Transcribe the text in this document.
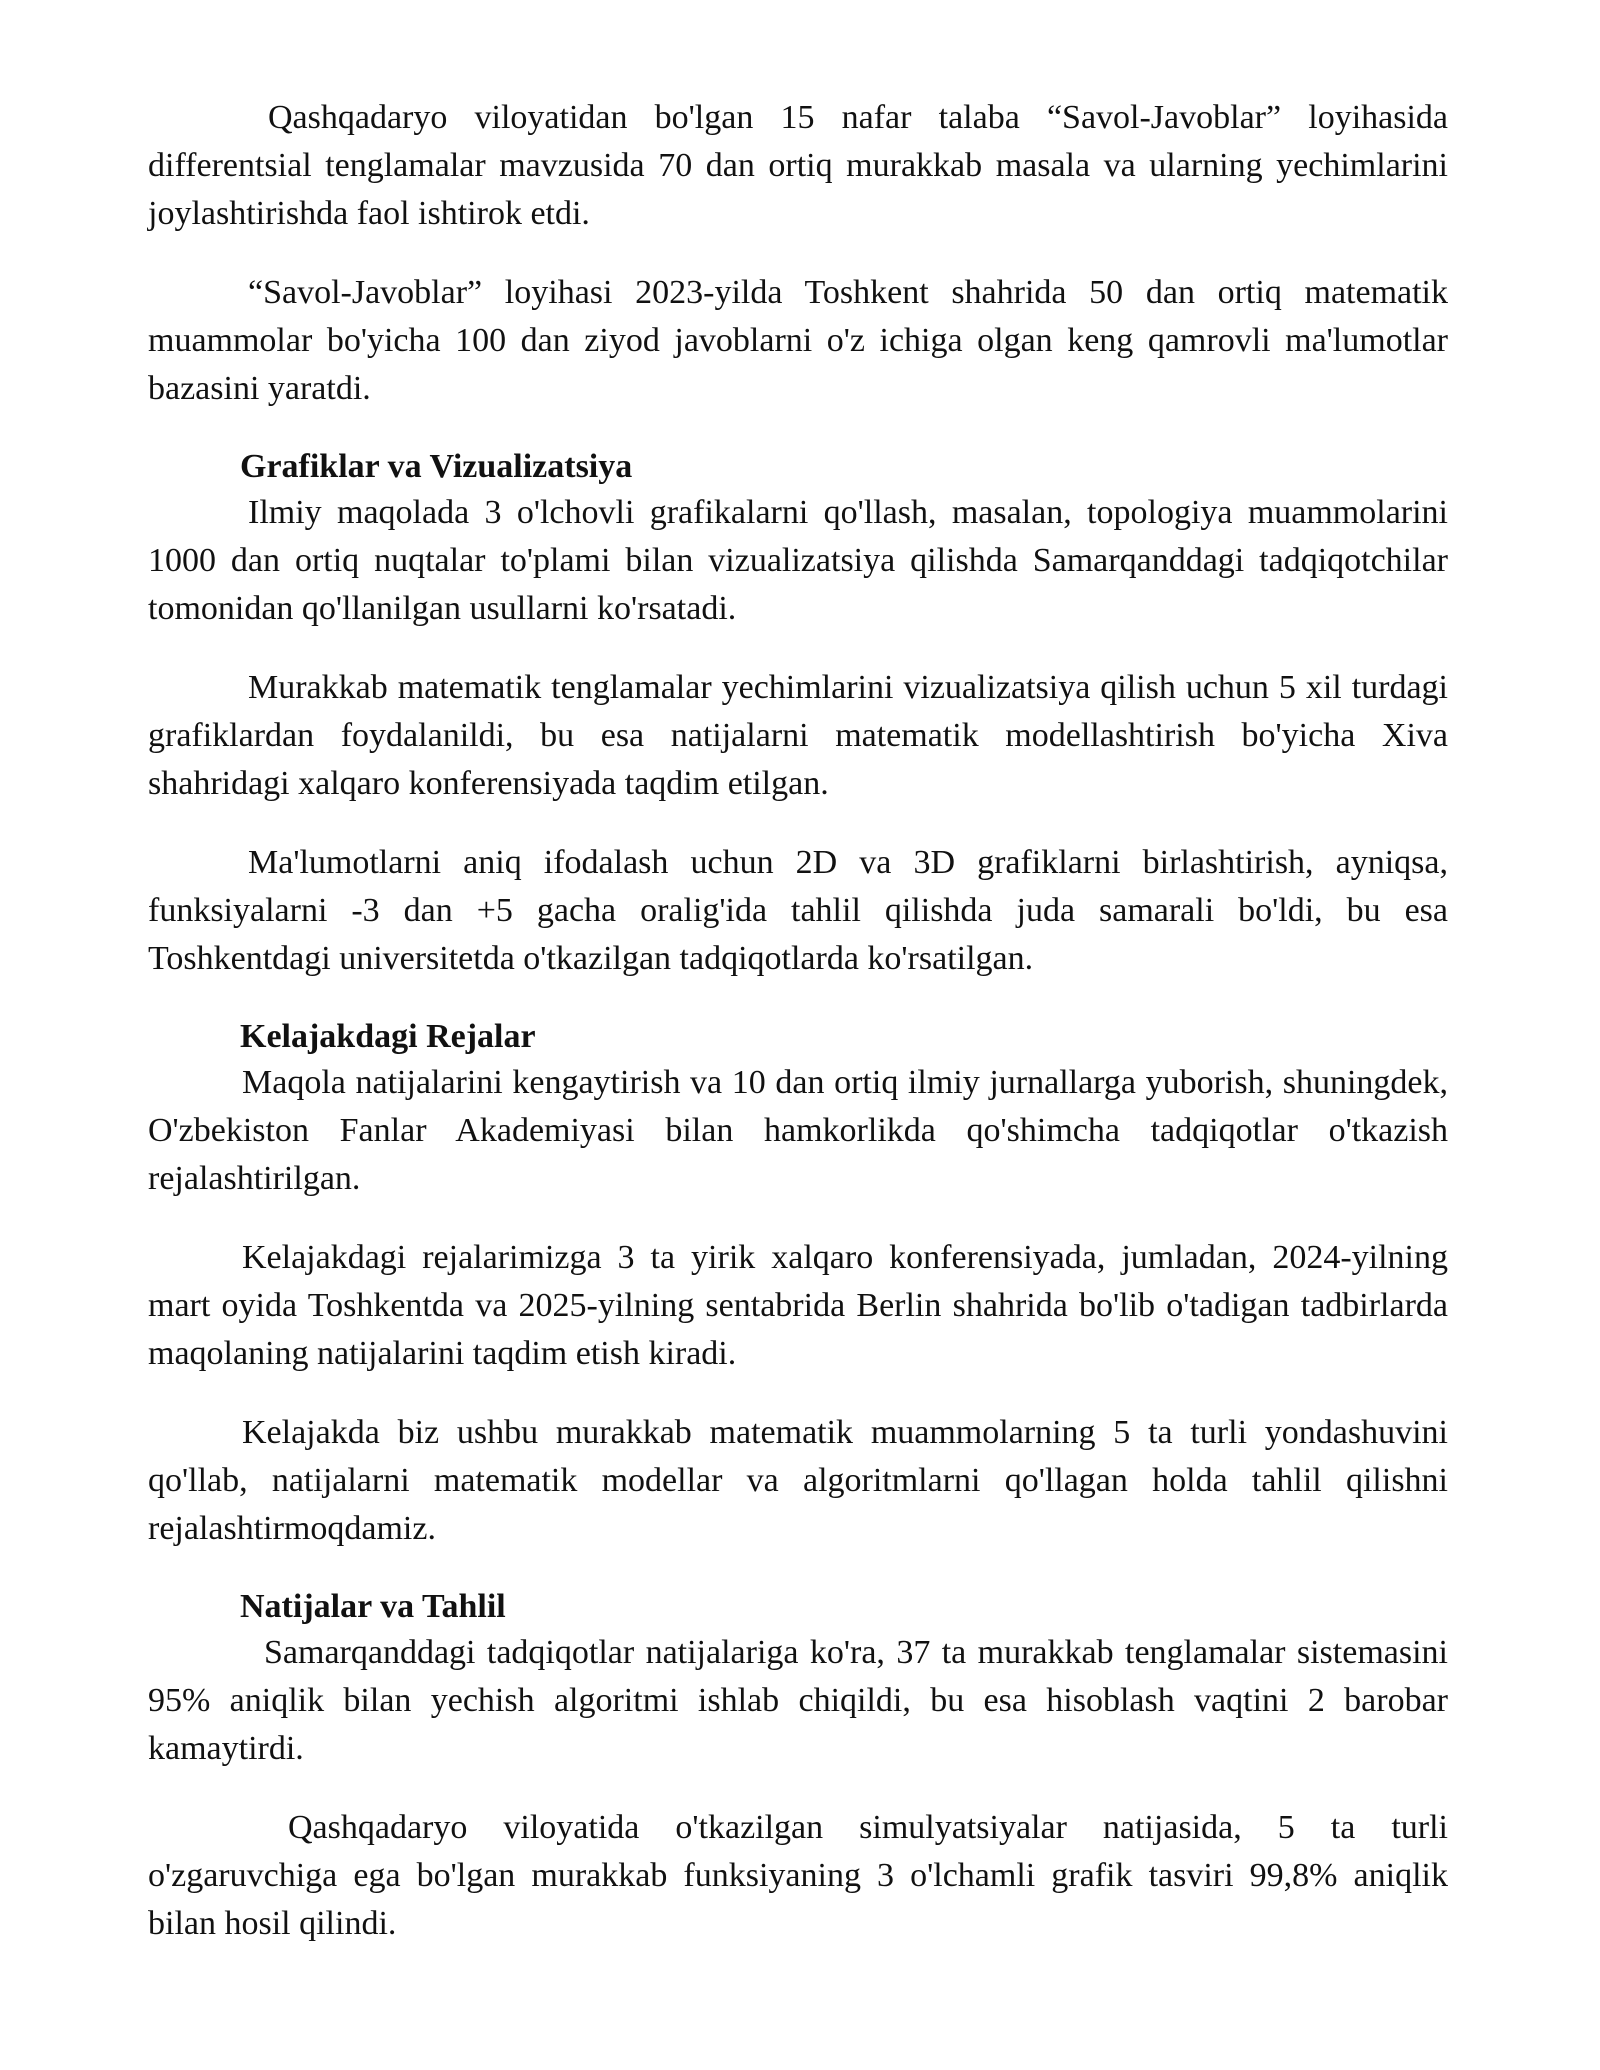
Qashqadaryo viloyatidan bo'lgan 15 nafar talaba “Savol-Javoblar” loyihasida differentsial tenglamalar mavzusida 70 dan ortiq murakkab masala va ularning yechimlarini joylashtirishda faol ishtirok etdi.

“Savol-Javoblar” loyihasi 2023-yilda Toshkent shahrida 50 dan ortiq matematik muammolar bo'yicha 100 dan ziyod javoblarni o'z ichiga olgan keng qamrovli ma'lumotlar bazasini yaratdi.

Grafiklar va Vizualizatsiya

Ilmiy maqolada 3 o'lchovli grafikalarni qo'llash, masalan, topologiya muammolarini 1000 dan ortiq nuqtalar to'plami bilan vizualizatsiya qilishda Samarqanddagi tadqiqotchilar tomonidan qo'llanilgan usullarni ko'rsatadi.

Murakkab matematik tenglamalar yechimlarini vizualizatsiya qilish uchun 5 xil turdagi grafiklardan foydalanildi, bu esa natijalarni matematik modellashtirish bo'yicha Xiva shahridagi xalqaro konferensiyada taqdim etilgan.

Ma'lumotlarni aniq ifodalash uchun 2D va 3D grafiklarni birlashtirish, ayniqsa, funksiyalarni -3 dan +5 gacha oralig'ida tahlil qilishda juda samarali bo'ldi, bu esa Toshkentdagi universitetda o'tkazilgan tadqiqotlarda ko'rsatilgan.

Kelajakdagi Rejalar

Maqola natijalarini kengaytirish va 10 dan ortiq ilmiy jurnallarga yuborish, shuningdek, O'zbekiston Fanlar Akademiyasi bilan hamkorlikda qo'shimcha tadqiqotlar o'tkazish rejalashtirilgan.

Kelajakdagi rejalarimizga 3 ta yirik xalqaro konferensiyada, jumladan, 2024-yilning mart oyida Toshkentda va 2025-yilning sentabrida Berlin shahrida bo'lib o'tadigan tadbirlarda maqolaning natijalarini taqdim etish kiradi.

Kelajakda biz ushbu murakkab matematik muammolarning 5 ta turli yondashuvini qo'llab, natijalarni matematik modellar va algoritmlarni qo'llagan holda tahlil qilishni rejalashtirmoqdamiz.

Natijalar va Tahlil

Samarqanddagi tadqiqotlar natijalariga ko'ra, 37 ta murakkab tenglamalar sistemasini 95% aniqlik bilan yechish algoritmi ishlab chiqildi, bu esa hisoblash vaqtini 2 barobar kamaytirdi.

Qashqadaryo viloyatida o'tkazilgan simulyatsiyalar natijasida, 5 ta turli o'zgaruvchiga ega bo'lgan murakkab funksiyaning 3 o'lchamli grafik tasviri 99,8% aniqlik bilan hosil qilindi.
